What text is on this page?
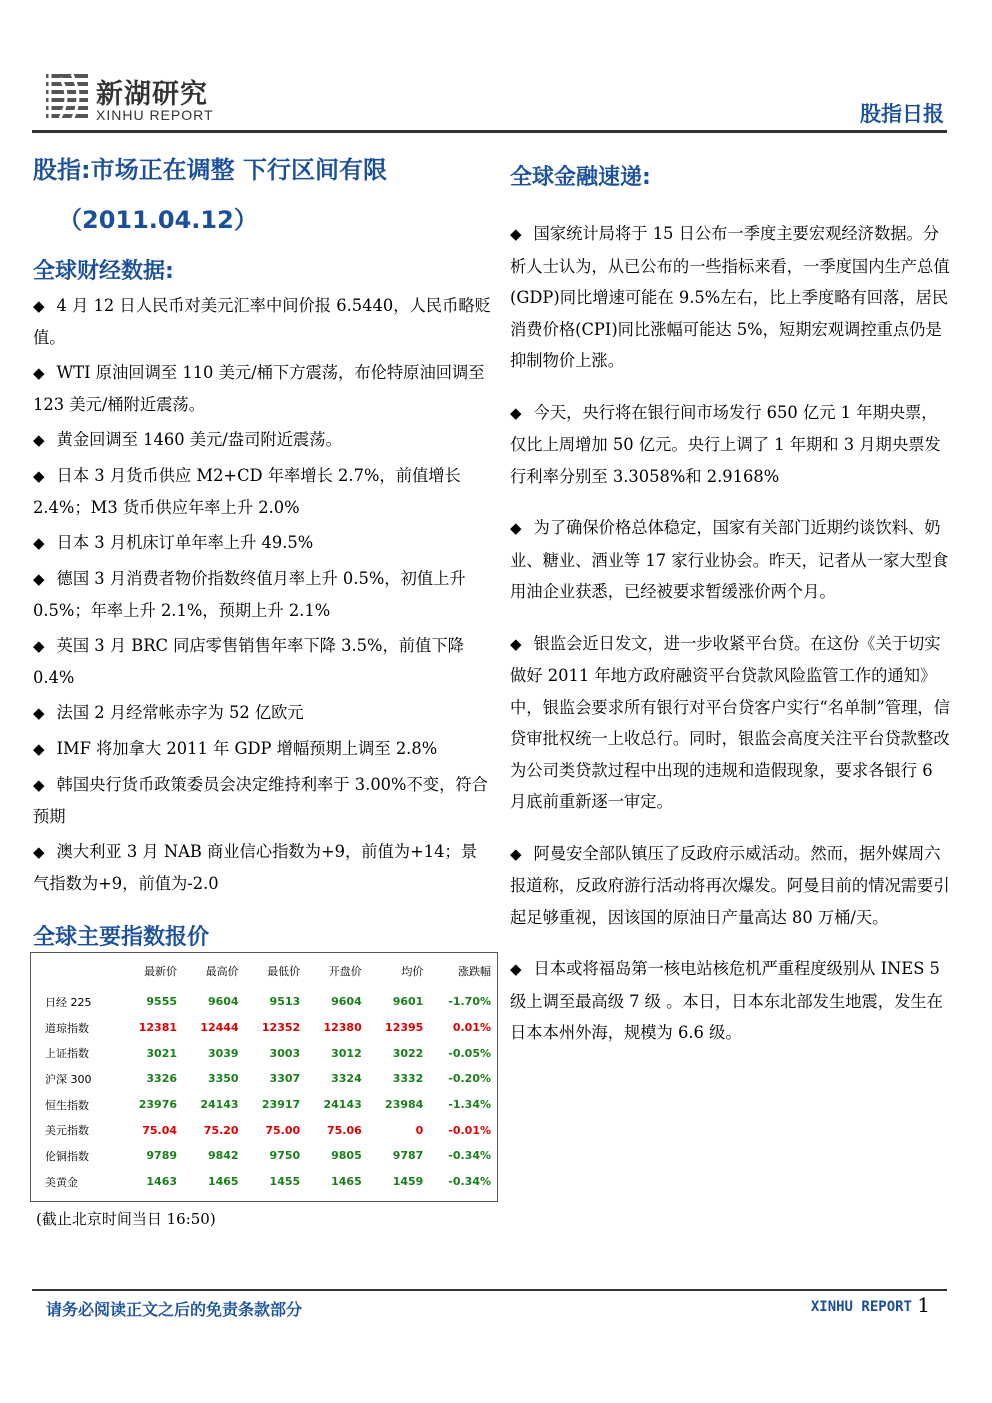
新湖研究
XINHU REPORT	股指日报
股指:市场正在调整 下行区间有限
（2011.04.12）
全球财经数据:

◆ 4 月 12 日人民币对美元汇率中间价报 6.5440，人民币略贬值。

◆ WTI 原油回调至 110 美元/桶下方震荡，布伦特原油回调至 123 美元/桶附近震荡。

◆ 黄金回调至 1460 美元/盎司附近震荡。

◆ 日本 3 月货币供应 M2+CD 年率增长 2.7%，前值增长 2.4%；M3 货币供应年率上升 2.0%

◆ 日本 3 月机床订单年率上升 49.5%

◆ 德国 3 月消费者物价指数终值月率上升 0.5%，初值上升 0.5%；年率上升 2.1%，预期上升 2.1%

◆ 英国 3 月 BRC 同店零售销售年率下降 3.5%，前值下降 0.4%

◆ 法国 2 月经常帐赤字为 52 亿欧元

◆ IMF 将加拿大 2011 年 GDP 增幅预期上调至 2.8%

◆ 韩国央行货币政策委员会决定维持利率于 3.00%不变，符合预期

◆ 澳大利亚 3 月 NAB 商业信心指数为+9，前值为+14；景气指数为+9，前值为-2.0

全球主要指数报价
	最新价	最高价	最低价	开盘价	均价	涨跌幅
日经 225	9555	9604	9513	9604	9601	-1.70%
道琼指数	12381	12444	12352	12380	12395	0.01%
上证指数	3021	3039	3003	3012	3022	-0.05%
沪深 300	3326	3350	3307	3324	3332	-0.20%
恒生指数	23976	24143	23917	24143	23984	-1.34%
美元指数	75.04	75.20	75.00	75.06	0	-0.01%
伦铜指数	9789	9842	9750	9805	9787	-0.34%
美黄金	1463	1465	1455	1465	1459	-0.34%
(截止北京时间当日 16:50)
全球金融速递:

◆ 国家统计局将于 15 日公布一季度主要宏观经济数据。分析人士认为，从已公布的一些指标来看，一季度国内生产总值(GDP)同比增速可能在 9.5%左右，比上季度略有回落，居民消费价格(CPI)同比涨幅可能达 5%，短期宏观调控重点仍是抑制物价上涨。

◆ 今天，央行将在银行间市场发行 650 亿元 1 年期央票，仅比上周增加 50 亿元。央行上调了 1 年期和 3 月期央票发行利率分别至 3.3058%和 2.9168%

◆ 为了确保价格总体稳定，国家有关部门近期约谈饮料、奶业、糖业、酒业等 17 家行业协会。昨天，记者从一家大型食用油企业获悉，已经被要求暂缓涨价两个月。

◆ 银监会近日发文，进一步收紧平台贷。在这份《关于切实做好 2011 年地方政府融资平台贷款风险监管工作的通知》中，银监会要求所有银行对平台贷客户实行“名单制”管理，信贷审批权统一上收总行。同时，银监会高度关注平台贷款整改为公司类贷款过程中出现的违规和造假现象，要求各银行 6 月底前重新逐一审定。

◆ 阿曼安全部队镇压了反政府示威活动。然而，据外媒周六报道称，反政府游行活动将再次爆发。阿曼目前的情况需要引起足够重视，因该国的原油日产量高达 80 万桶/天。

◆ 日本或将福岛第一核电站核危机严重程度级别从 INES 5 级上调至最高级 7 级 。本日，日本东北部发生地震，发生在日本本州外海，规模为 6.6 级。

请务必阅读正文之后的免责条款部分	XINHU REPORT 1
